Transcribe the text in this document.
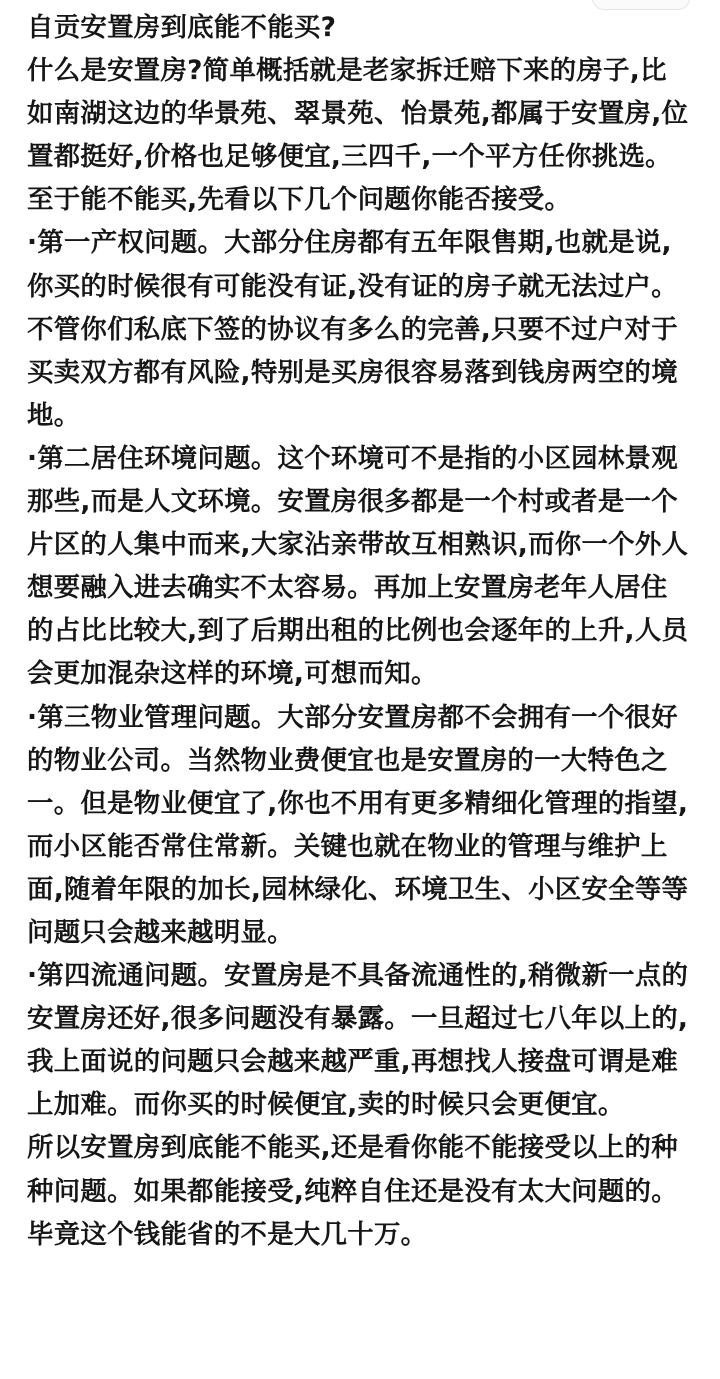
自贡安置房到底能不能买?

什么是安置房?简单概括就是老家拆迁赔下来的房子,比如南湖这边的华景苑、翠景苑、怡景苑,都属于安置房,位置都挺好,价格也足够便宜,三四千,一个平方任你挑选。至于能不能买,先看以下几个问题你能否接受。

·第一产权问题。大部分住房都有五年限售期,也就是说,你买的时候很有可能没有证,没有证的房子就无法过户。不管你们私底下签的协议有多么的完善,只要不过户对于买卖双方都有风险,特别是买房很容易落到钱房两空的境地。

·第二居住环境问题。这个环境可不是指的小区园林景观那些,而是人文环境。安置房很多都是一个村或者是一个片区的人集中而来,大家沾亲带故互相熟识,而你一个外人想要融入进去确实不太容易。再加上安置房老年人居住的占比比较大,到了后期出租的比例也会逐年的上升,人员会更加混杂这样的环境,可想而知。

·第三物业管理问题。大部分安置房都不会拥有一个很好的物业公司。当然物业费便宜也是安置房的一大特色之一。但是物业便宜了,你也不用有更多精细化管理的指望,而小区能否常住常新。关键也就在物业的管理与维护上面,随着年限的加长,园林绿化、环境卫生、小区安全等等问题只会越来越明显。

·第四流通问题。安置房是不具备流通性的,稍微新一点的安置房还好,很多问题没有暴露。一旦超过七八年以上的,我上面说的问题只会越来越严重,再想找人接盘可谓是难上加难。而你买的时候便宜,卖的时候只会更便宜。

所以安置房到底能不能买,还是看你能不能接受以上的种种问题。如果都能接受,纯粹自住还是没有太大问题的。毕竟这个钱能省的不是大几十万。
